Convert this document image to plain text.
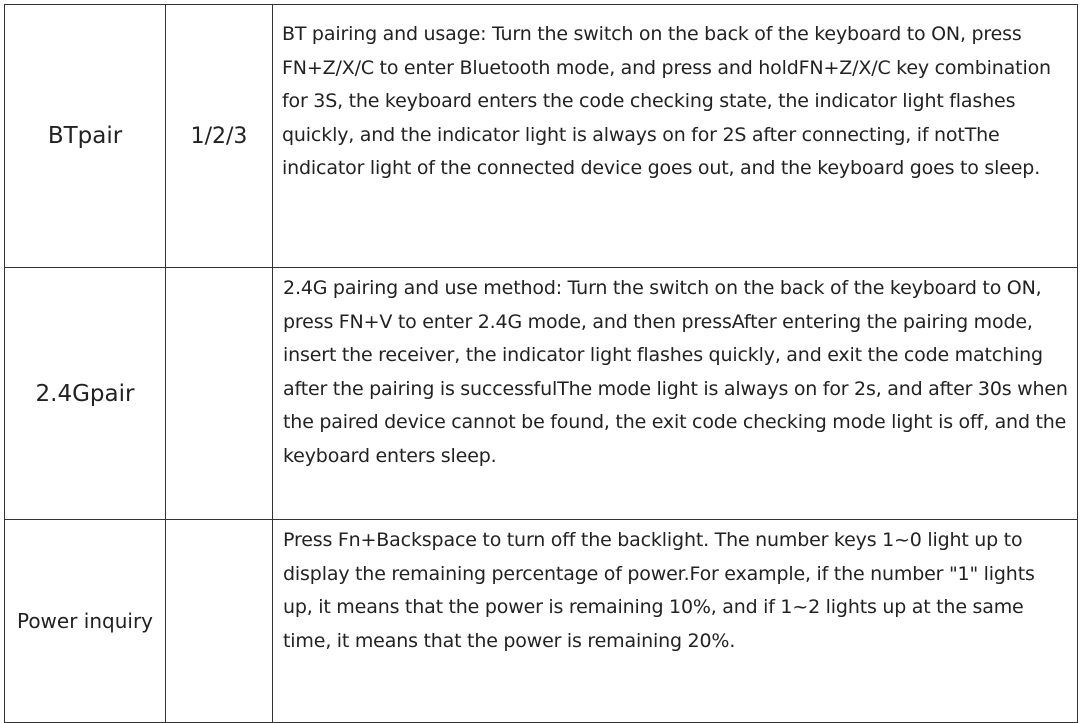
BTpair	1/2/3	BT pairing and usage: Turn the switch on the back of the keyboard to ON, press FN+Z/X/C to enter Bluetooth mode, and press and holdFN+Z/X/C key combination for 3S, the keyboard enters the code checking state, the indicator light flashes quickly, and the indicator light is always on for 2S after connecting, if notThe indicator light of the connected device goes out, and the keyboard goes to sleep.

2.4Gpair		2.4G pairing and use method: Turn the switch on the back of the keyboard to ON, press FN+V to enter 2.4G mode, and then pressAfter entering the pairing mode, insert the receiver, the indicator light flashes quickly, and exit the code matching after the pairing is successfulThe mode light is always on for 2s, and after 30s when the paired device cannot be found, the exit code checking mode light is off, and the keyboard enters sleep.

Power inquiry		Press Fn+Backspace to turn off the backlight. The number keys 1~0 light up to display the remaining percentage of power.For example, if the number "1" lights up, it means that the power is remaining 10%, and if 1~2 lights up at the same time, it means that the power is remaining 20%.
